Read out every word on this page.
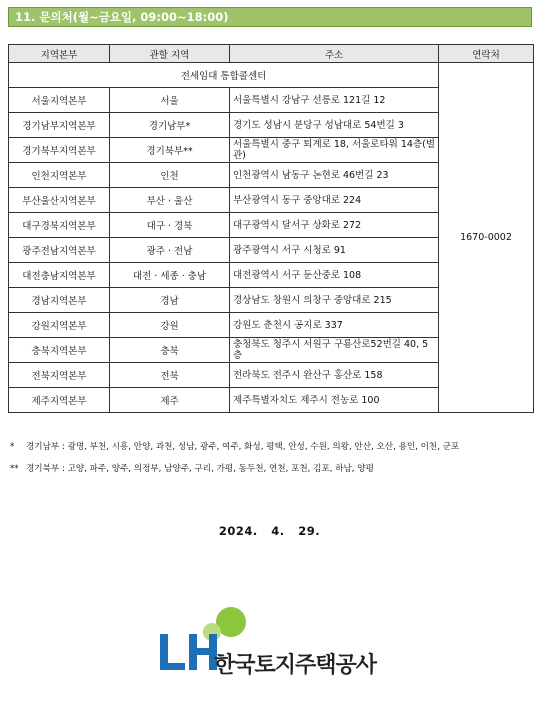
11. 문의처(월~금요일, 09:00~18:00)
지역본부	관할 지역	주소	연락처
전세임대 통합콜센터			1670-0002
서울지역본부	서울	서울특별시 강남구 선릉로 121길 12	
경기남부지역본부	경기남부*	경기도 성남시 분당구 성남대로 54번길 3	
경기북부지역본부	경기북부**	서울특별시 중구 퇴계로 18, 서울로타워 14층(별관)	
인천지역본부	인천	인천광역시 남동구 논현로 46번길 23	
부산울산지역본부	부산 · 울산	부산광역시 동구 중앙대로 224	
대구경북지역본부	대구 · 경북	대구광역시 달서구 상화로 272	
광주전남지역본부	광주 · 전남	광주광역시 서구 시청로 91	
대전충남지역본부	대전 · 세종 · 충남	대전광역시 서구 둔산중로 108	
경남지역본부	경남	경상남도 창원시 의창구 중앙대로 215	
강원지역본부	강원	강원도 춘천시 공지로 337	
충북지역본부	충북	충청북도 청주시 서원구 구룡산로52번길 40, 5층	
전북지역본부	전북	전라북도 전주시 완산구 홍산로 158	
제주지역본부	제주	제주특별자치도 제주시 전농로 100	
* 경기남부 : 광명, 부천, 시흥, 안양, 과천, 성남, 광주, 여주, 화성, 평택, 안성, 수원, 의왕, 안산, 오산, 용인, 이천, 군포
** 경기북부 : 고양, 파주, 양주, 의정부, 남양주, 구리, 가평, 동두천, 연천, 포천, 김포, 하남, 양평
2024.   4.   29.
한국토지주택공사
